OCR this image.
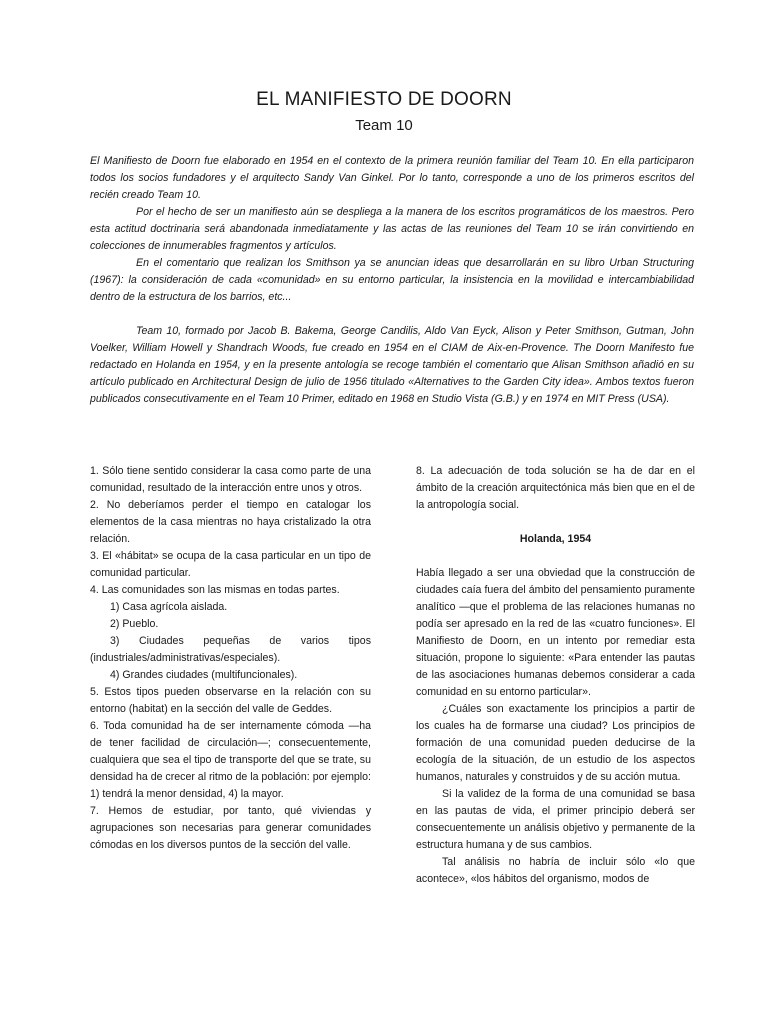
EL MANIFIESTO DE DOORN
Team 10

El Manifiesto de Doorn fue elaborado en 1954 en el contexto de la primera reunión familiar del Team 10. En ella participaron todos los socios fundadores y el arquitecto Sandy Van Ginkel. Por lo tanto, corresponde a uno de los primeros escritos del recién creado Team 10.

Por el hecho de ser un manifiesto aún se despliega a la manera de los escritos programáticos de los maestros. Pero esta actitud doctrinaria será abandonada inmediatamente y las actas de las reuniones del Team 10 se irán convirtiendo en colecciones de innumerables fragmentos y artículos.

En el comentario que realizan los Smithson ya se anuncian ideas que desarrollarán en su libro Urban Structuring (1967): la consideración de cada «comunidad» en su entorno particular, la insistencia en la movilidad e intercambiabilidad dentro de la estructura de los barrios, etc...

Team 10, formado por Jacob B. Bakema, George Candilis, Aldo Van Eyck, Alison y Peter Smithson, Gutman, John Voelker, William Howell y Shandrach Woods, fue creado en 1954 en el CIAM de Aix-en-Provence. The Doorn Manifesto fue redactado en Holanda en 1954, y en la presente antología se recoge también el comentario que Alisan Smithson añadió en su artículo publicado en Architectural Design de julio de 1956 titulado «Alternatives to the Garden City idea». Ambos textos fueron publicados consecutivamente en el Team 10 Primer, editado en 1968 en Studio Vista (G.B.) y en 1974 en MIT Press (USA).

1. Sólo tiene sentido considerar la casa como parte de una comunidad, resultado de la interacción entre unos y otros.

2. No deberíamos perder el tiempo en catalogar los elementos de la casa mientras no haya cristalizado la otra relación.

3. El «hábitat» se ocupa de la casa particular en un tipo de comunidad particular.

4. Las comunidades son las mismas en todas partes.

1) Casa agrícola aislada.

2) Pueblo.

3) Ciudades pequeñas de varios tipos (industriales/administrativas/especiales).

4) Grandes ciudades (multifuncionales).

5. Estos tipos pueden observarse en la relación con su entorno (habitat) en la sección del valle de Geddes.

6. Toda comunidad ha de ser internamente cómoda —ha de tener facilidad de circulación—; consecuentemente, cualquiera que sea el tipo de transporte del que se trate, su densidad ha de crecer al ritmo de la población: por ejemplo: 1) tendrá la menor densidad, 4) la mayor.

7. Hemos de estudiar, por tanto, qué viviendas y agrupaciones son necesarias para generar comunidades cómodas en los diversos puntos de la sección del valle.

8. La adecuación de toda solución se ha de dar en el ámbito de la creación arquitectónica más bien que en el de la antropología social.

Holanda, 1954

Había llegado a ser una obviedad que la construcción de ciudades caía fuera del ámbito del pensamiento puramente analítico —que el problema de las relaciones humanas no podía ser apresado en la red de las «cuatro funciones». El Manifiesto de Doorn, en un intento por remediar esta situación, propone lo siguiente: «Para entender las pautas de las asociaciones humanas debemos considerar a cada comunidad en su entorno particular».

¿Cuáles son exactamente los principios a partir de los cuales ha de formarse una ciudad? Los principios de formación de una comunidad pueden deducirse de la ecología de la situación, de un estudio de los aspectos humanos, naturales y construidos y de su acción mutua.

Si la validez de la forma de una comunidad se basa en las pautas de vida, el primer principio deberá ser consecuentemente un análisis objetivo y permanente de la estructura humana y de sus cambios.

Tal análisis no habría de incluir sólo «lo que acontece», «los hábitos del organismo, modos de
